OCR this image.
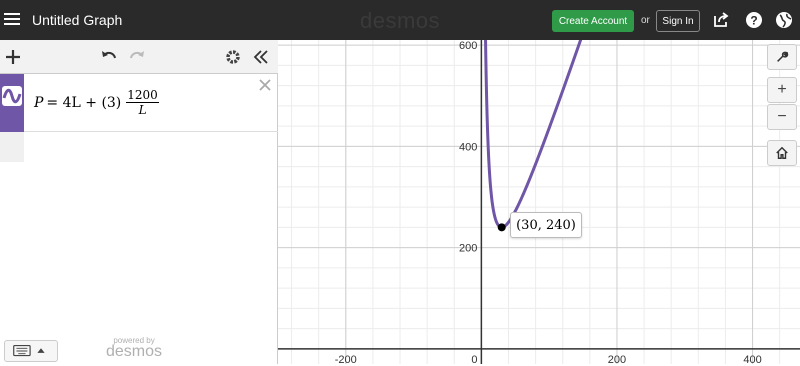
Untitled Graph	desmos	Create Account	or	Sign In	?
$P = 4L + (3) \frac{1200}{L}$
powered by
desmos	-200	0	200	400
200
400
600
(30, 240)
+
−
